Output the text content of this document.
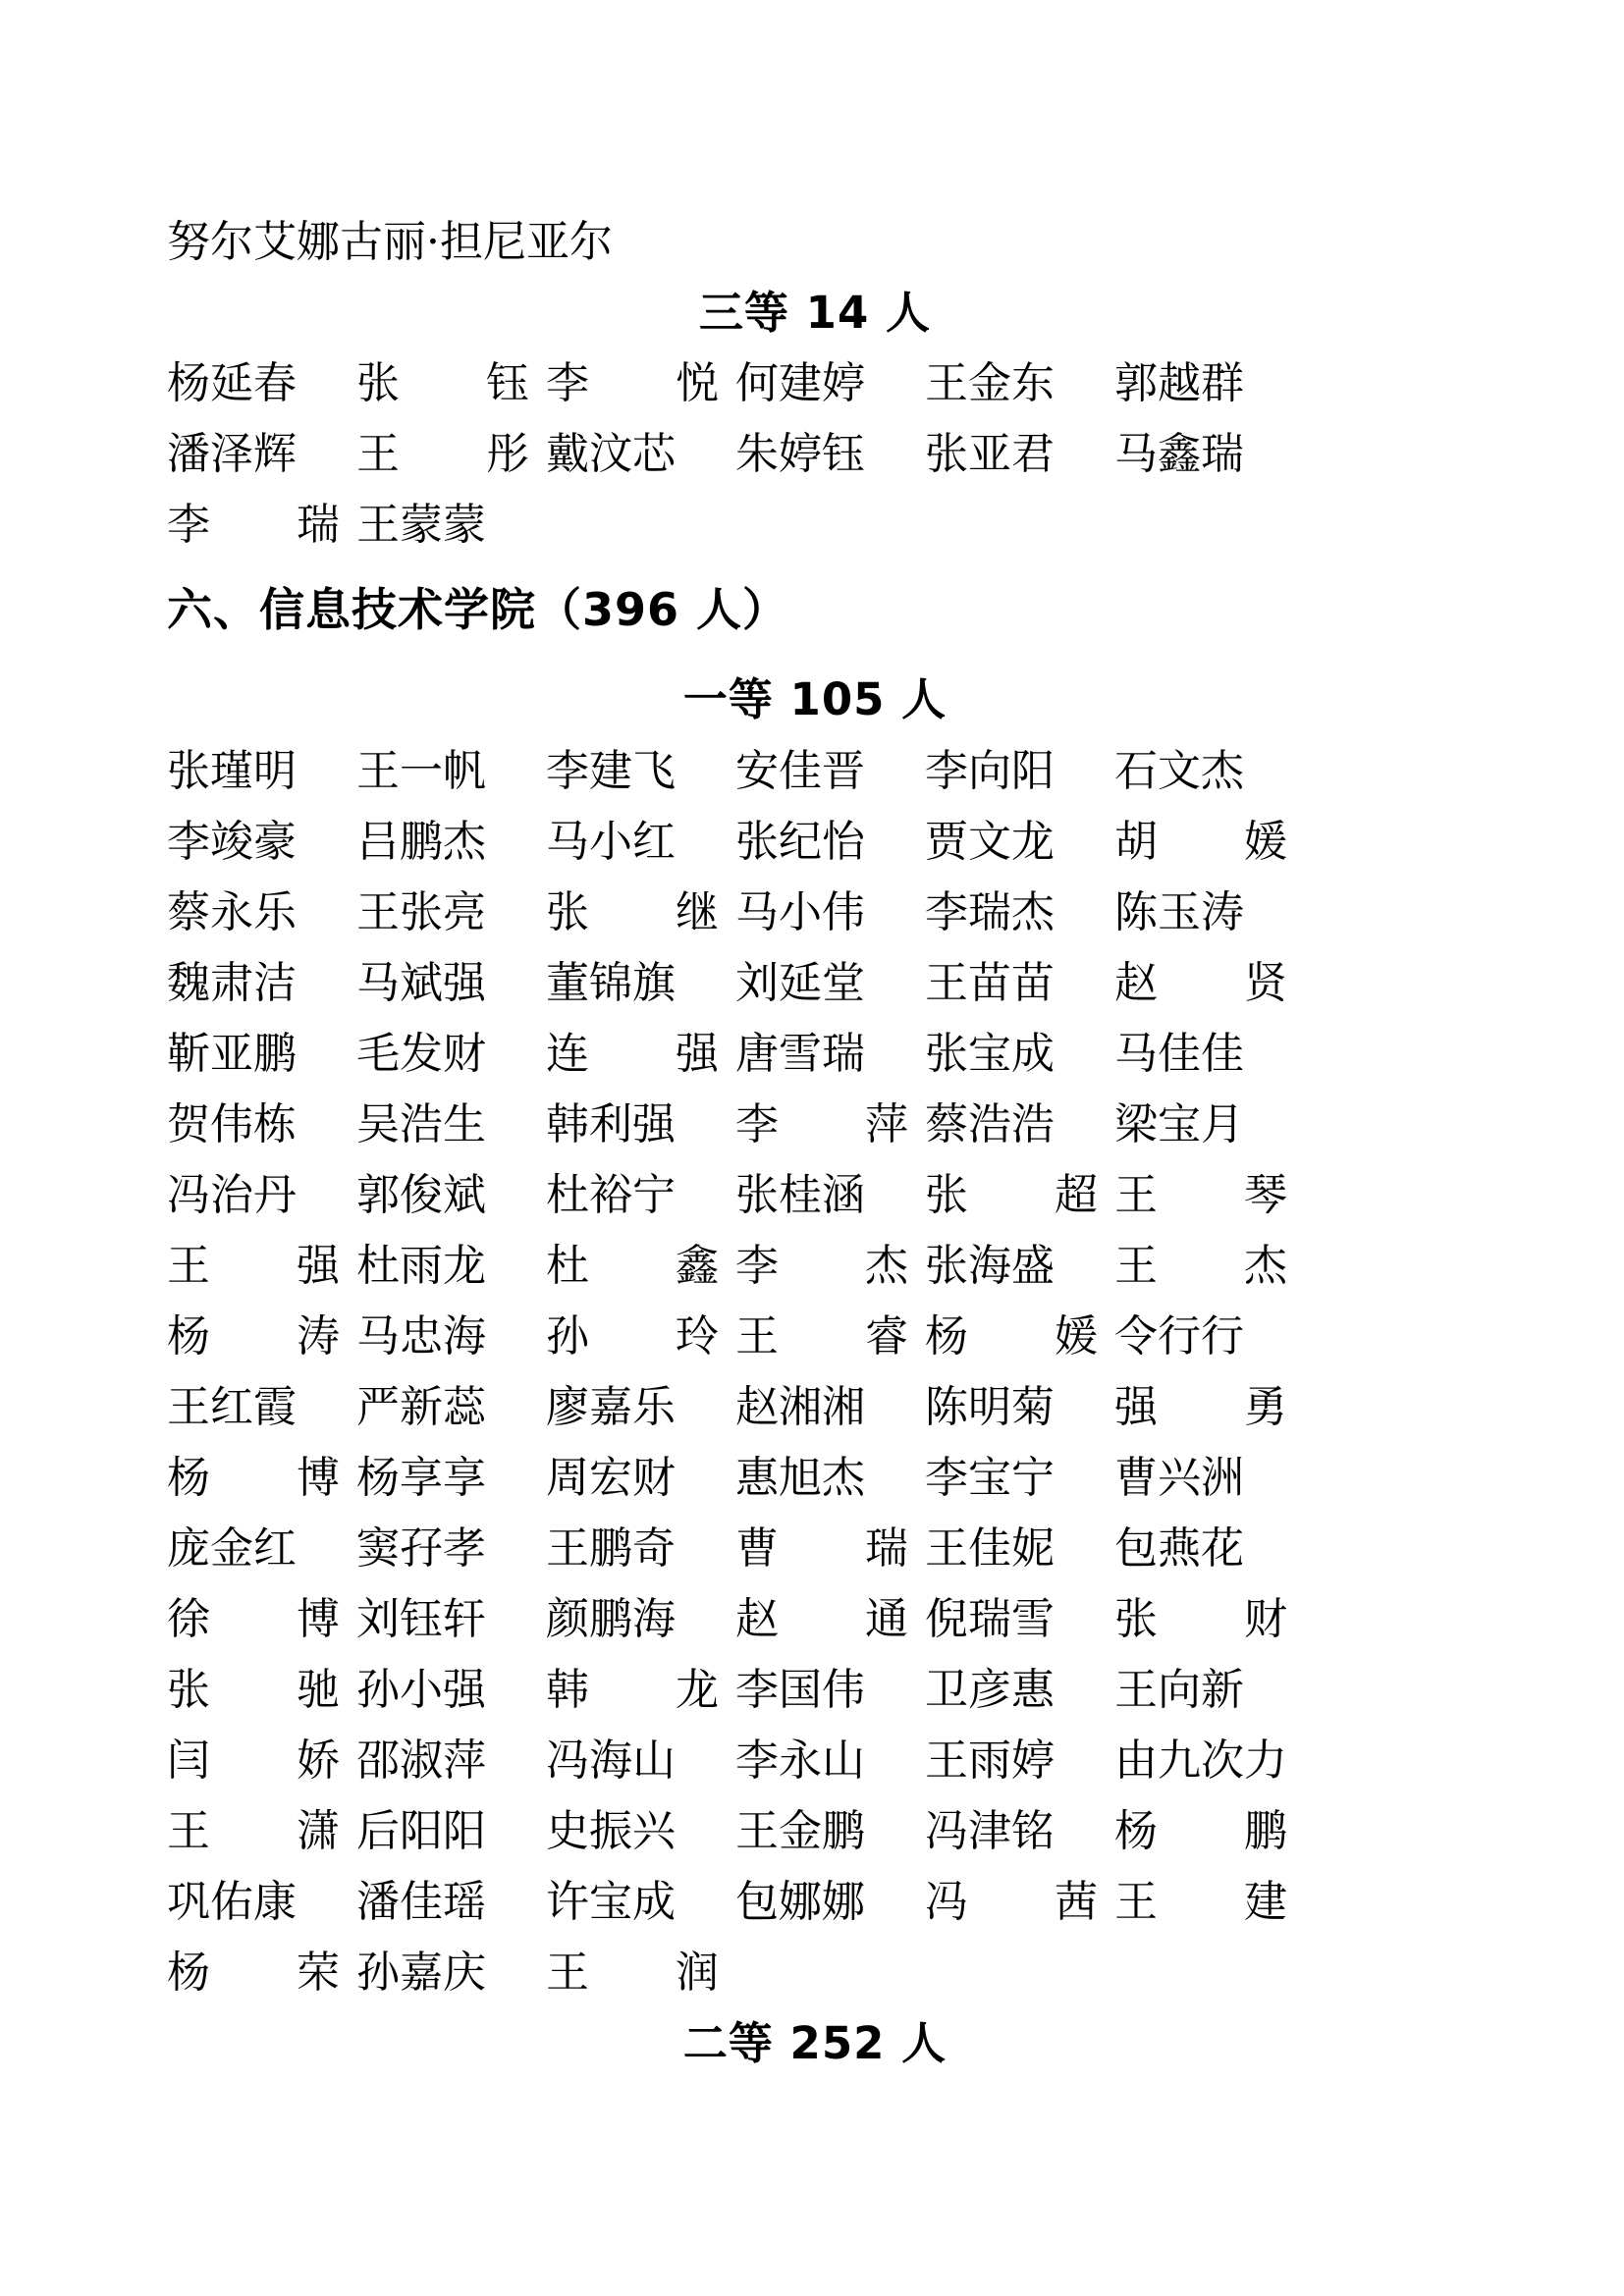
努尔艾娜古丽·担尼亚尔
三等 14 人
杨延春	张　　钰 李　　悦 何建婷	王金东	郭越群
潘泽辉	王　　彤 戴汶芯	朱婷钰	张亚君	马鑫瑞
李　　瑞 王蒙蒙
六、信息技术学院（396 人）
一等 105 人
张瑾明	王一帆	李建飞	安佳晋	李向阳	石文杰
李竣豪	吕鹏杰	马小红	张纪怡	贾文龙	胡　　媛
蔡永乐	王张亮	张　　继 马小伟	李瑞杰	陈玉涛
魏肃洁	马斌强	董锦旗	刘延堂	王苗苗	赵　　贤
靳亚鹏	毛发财	连　　强 唐雪瑞	张宝成	马佳佳
贺伟栋	吴浩生	韩利强	李　　萍 蔡浩浩	梁宝月
冯治丹	郭俊斌	杜裕宁	张桂涵	张　　超 王　　琴
王　　强 杜雨龙	杜　　鑫 李　　杰 张海盛	王　　杰
杨　　涛 马忠海	孙　　玲 王　　睿 杨　　媛 令行行
王红霞	严新蕊	廖嘉乐	赵湘湘	陈明菊	强　　勇
杨　　博 杨享享	周宏财	惠旭杰	李宝宁	曹兴洲
庞金红	窦孖孝	王鹏奇	曹　　瑞 王佳妮	包燕花
徐　　博 刘钰轩	颜鹏海	赵　　通 倪瑞雪	张　　财
张　　驰 孙小强	韩　　龙 李国伟	卫彦惠	王向新
闫　　娇 邵淑萍	冯海山	李永山	王雨婷	由九次力
王　　潇 后阳阳	史振兴	王金鹏	冯津铭	杨　　鹏
巩佑康	潘佳瑶	许宝成	包娜娜	冯　　茜 王　　建
杨　　荣 孙嘉庆	王　　润
二等 252 人
